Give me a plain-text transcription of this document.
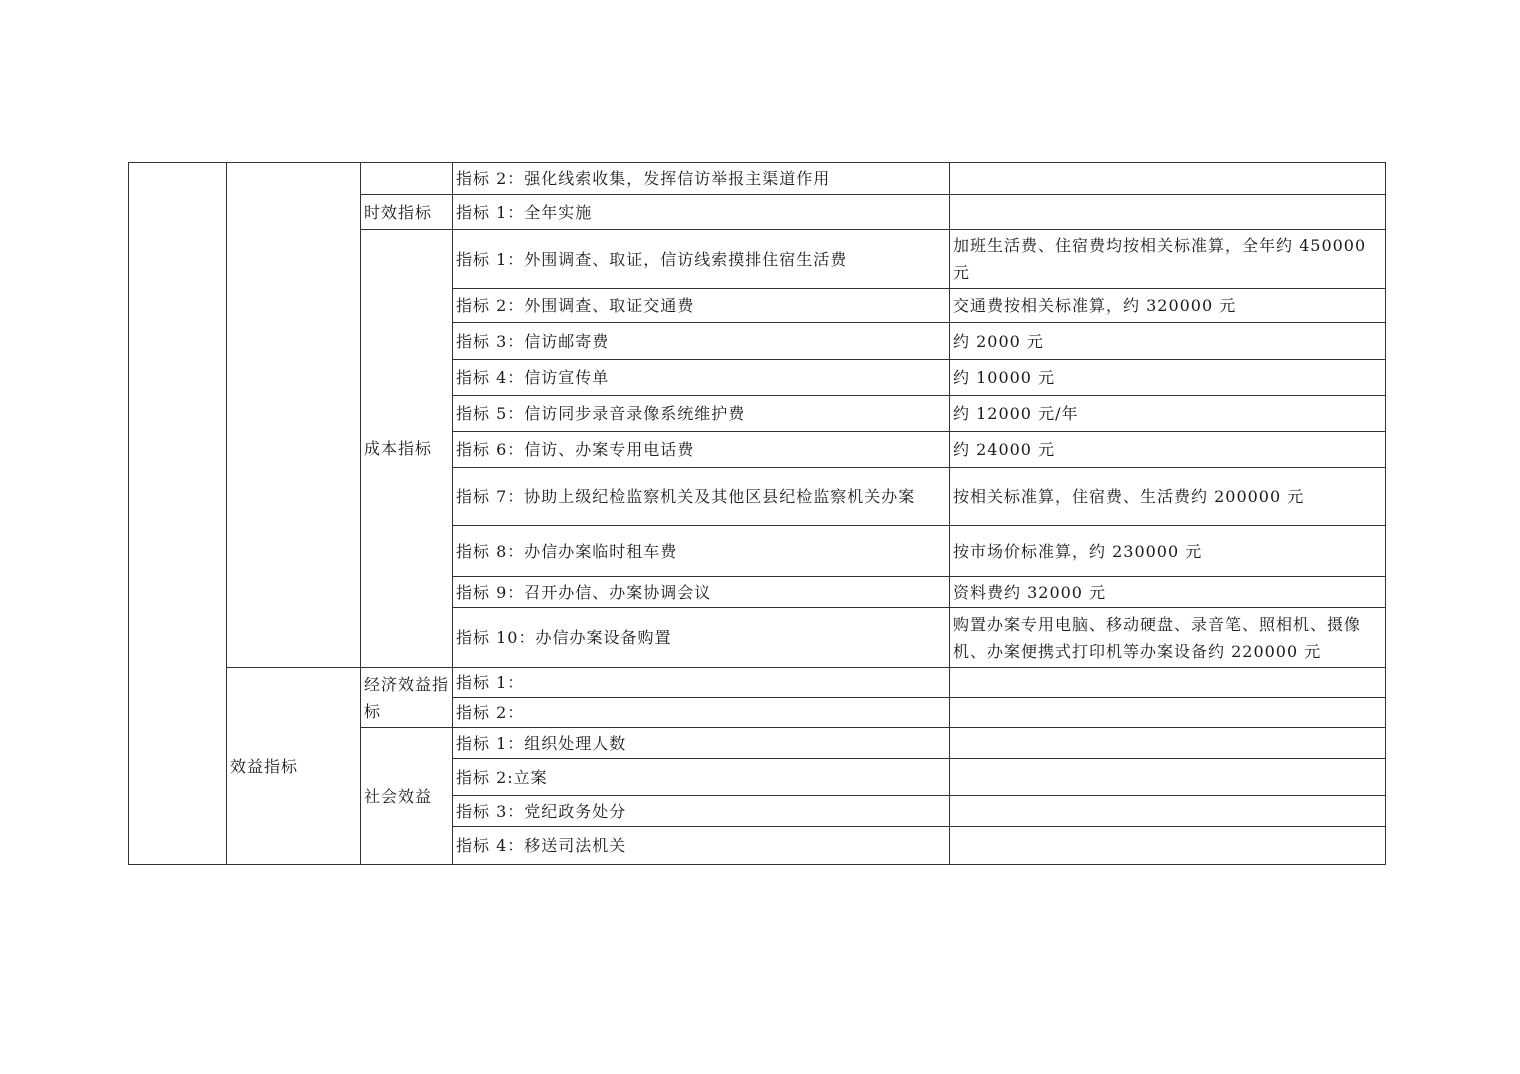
			指标 2：强化线索收集，发挥信访举报主渠道作用	
		时效指标	指标 1：全年实施	
		成本指标	指标 1：外围调查、取证，信访线索摸排住宿生活费	加班生活费、住宿费均按相关标准算，全年约 450000 元
			指标 2：外围调查、取证交通费	交通费按相关标准算，约 320000 元
			指标 3：信访邮寄费	约 2000 元
			指标 4：信访宣传单	约 10000 元
			指标 5：信访同步录音录像系统维护费	约 12000 元/年
			指标 6：信访、办案专用电话费	约 24000 元
			指标 7：协助上级纪检监察机关及其他区县纪检监察机关办案	按相关标准算，住宿费、生活费约 200000 元
			指标 8：办信办案临时租车费	按市场价标准算，约 230000 元
			指标 9：召开办信、办案协调会议	资料费约 32000 元
			指标 10：办信办案设备购置	购置办案专用电脑、移动硬盘、录音笔、照相机、摄像机、办案便携式打印机等办案设备约 220000 元
	效益指标	经济效益指标	指标 1：	
			指标 2：	
		社会效益	指标 1：组织处理人数	
			指标 2:立案	
			指标 3：党纪政务处分	
			指标 4：移送司法机关	
